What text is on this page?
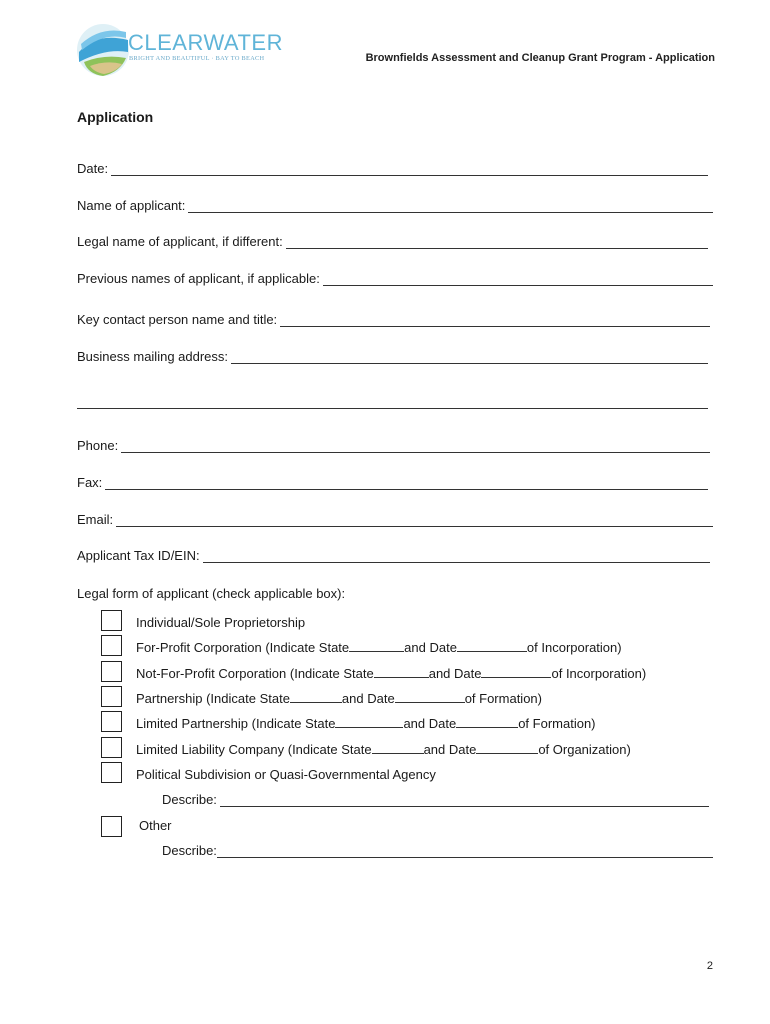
CLEARWATER
BRIGHT AND BEAUTIFUL · BAY TO BEACH	Brownfields Assessment and Cleanup Grant Program - Application
Application
Date:
Name of applicant:
Legal name of applicant, if different:
Previous names of applicant, if applicable:
Key contact person name and title:
Business mailing address:
Phone:
Fax:
Email:
Applicant Tax ID/EIN:
Legal form of applicant (check applicable box):
Individual/Sole Proprietorship
For-Profit Corporation (Indicate State	and Date	of Incorporation)
Not-For-Profit Corporation (Indicate State	and Date	of Incorporation)
Partnership (Indicate State	and Date	of Formation)
Limited Partnership (Indicate State	and Date	of Formation)
Limited Liability Company (Indicate State	and Date	of Organization)
Political Subdivision or Quasi-Governmental Agency
Describe:
Other
Describe:
2
